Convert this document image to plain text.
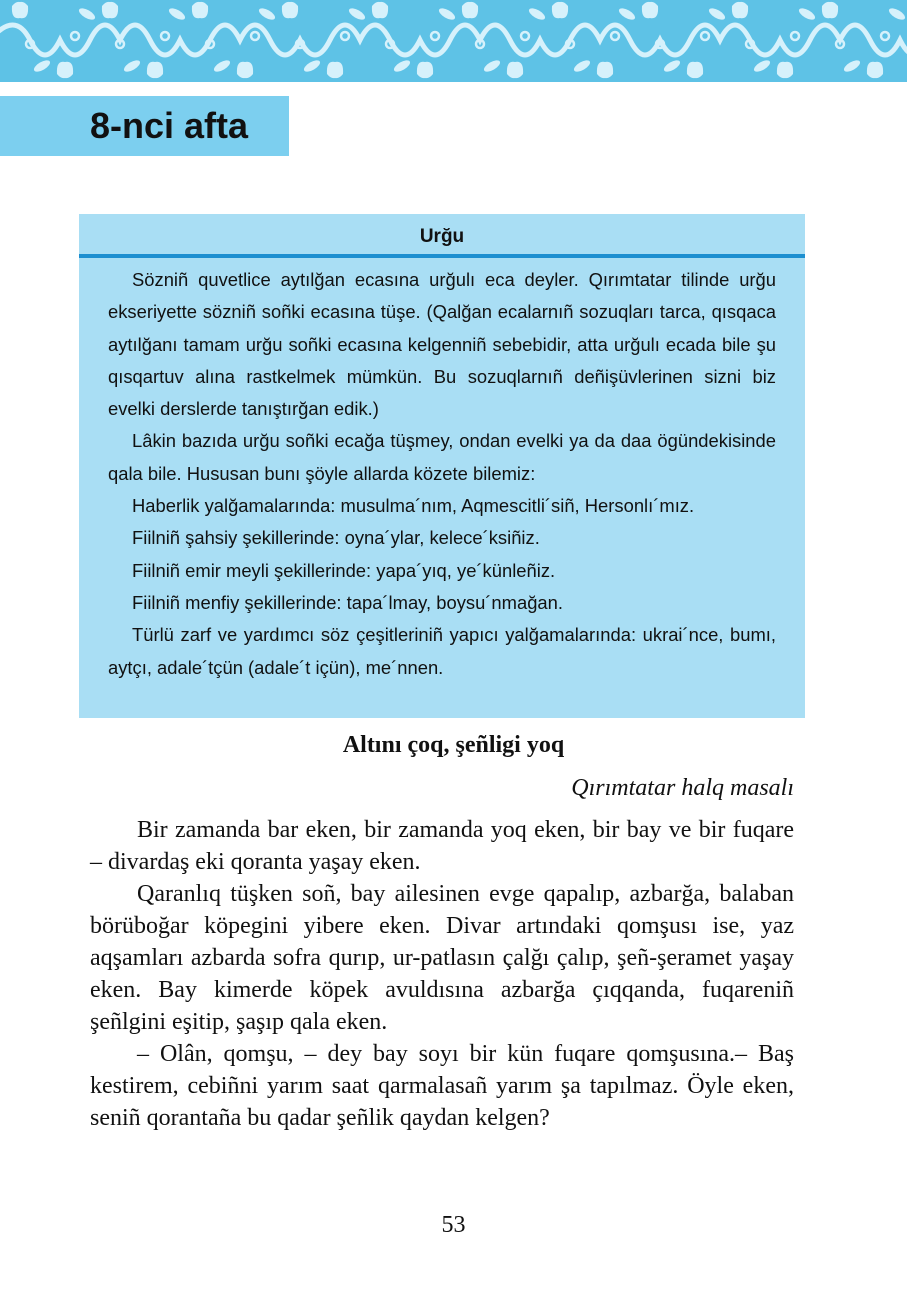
8-nci afta
Urğu

Sözniñ quvetlice aytılğan ecasına urğulı eca deyler. Qırımtatar tilinde urğu ekseriyette sözniñ soñki ecasına tüşe. (Qalğan ecalarnıñ sozuqları tarca, qısqaca aytılğanı tamam urğu soñki ecasına kelgenniñ sebebidir, atta urğulı ecada bile şu qısqartuv alına rastkelmek mümkün. Bu sozuqlarnıñ deñişüvlerinen sizni biz evelki derslerde tanıştırğan edik.)

Lâkin bazıda urğu soñki ecağa tüşmey, ondan evelki ya da daa ögündekisinde qala bile. Hususan bunı şöyle allarda közete bilemiz:

Haberlik yalğamalarında: musulma´nım, Aqmescitli´siñ, Hersonlı´mız.

Fiilniñ şahsiy şekillerinde: oyna´ylar, kelece´ksiñiz.

Fiilniñ emir meyli şekillerinde: yapa´yıq, ye´künleñiz.

Fiilniñ menfiy şekillerinde: tapa´lmay, boysu´nmağan.

Türlü zarf ve yardımcı söz çeşitleriniñ yapıcı yalğamalarında: ukrai´nce, bumı, aytçı, adale´tçün (adale´t içün), me´nnen.

Altını çoq, şeñligi yoq
Qırımtatar halq masalı

Bir zamanda bar eken, bir zamanda yoq eken, bir bay ve bir fuqare – divardaş eki qoranta yaşay eken.

Qaranlıq tüşken soñ, bay ailesinen evge qapalıp, azbarğa, balaban börüboğar köpegini yibere eken. Divar artındaki qomşusı ise, yaz aqşamları azbarda sofra qurıp, ur-patlasın çalğı çalıp, şeñ-şeramet yaşay eken. Bay kimerde köpek avuldısına azbarğa çıqqanda, fuqareniñ şeñlgini eşitip, şaşıp qala eken.

– Olân, qomşu, – dey bay soyı bir kün fuqare qomşusına.– Baş kestirem, cebiñni yarım saat qarmalasañ yarım şa tapılmaz. Öyle eken, seniñ qorantaña bu qadar şeñlik qaydan kelgen?

53
